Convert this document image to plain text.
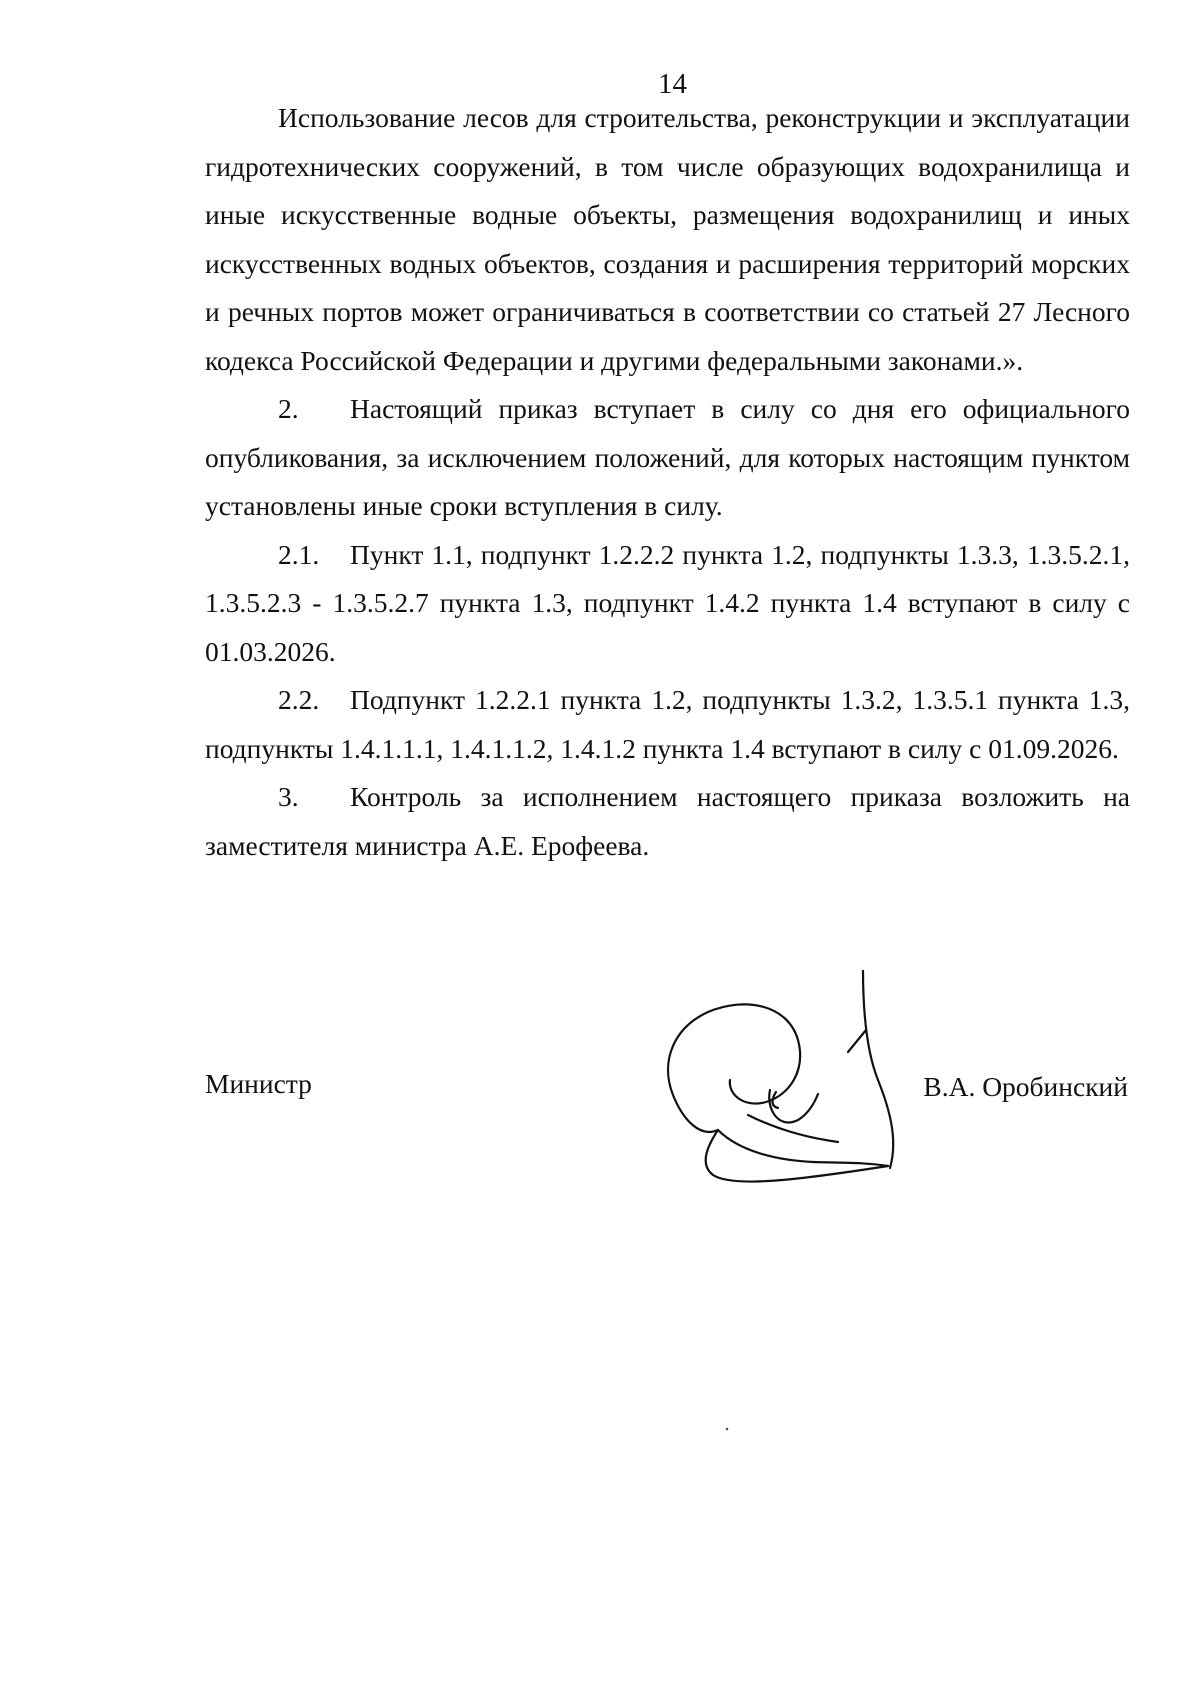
14

Использование лесов для строительства, реконструкции и эксплуатации гидротехнических сооружений, в том числе образующих водохранилища и иные искусственные водные объекты, размещения водохранилищ и иных искусственных водных объектов, создания и расширения территорий морских и речных портов может ограничиваться в соответствии со статьей 27 Лесного кодекса Российской Федерации и другими федеральными законами.».

2. Настоящий приказ вступает в силу со дня его официального опубликования, за исключением положений, для которых настоящим пунктом установлены иные сроки вступления в силу.

2.1. Пункт 1.1, подпункт 1.2.2.2 пункта 1.2, подпункты 1.3.3, 1.3.5.2.1, 1.3.5.2.3 - 1.3.5.2.7 пункта 1.3, подпункт 1.4.2 пункта 1.4 вступают в силу с 01.03.2026.

2.2. Подпункт 1.2.2.1 пункта 1.2, подпункты 1.3.2, 1.3.5.1 пункта 1.3, подпункты 1.4.1.1.1, 1.4.1.1.2, 1.4.1.2 пункта 1.4 вступают в силу с 01.09.2026.

3. Контроль за исполнением настоящего приказа возложить на заместителя министра А.Е. Ерофеева.

Министр	В.А. Оробинский
